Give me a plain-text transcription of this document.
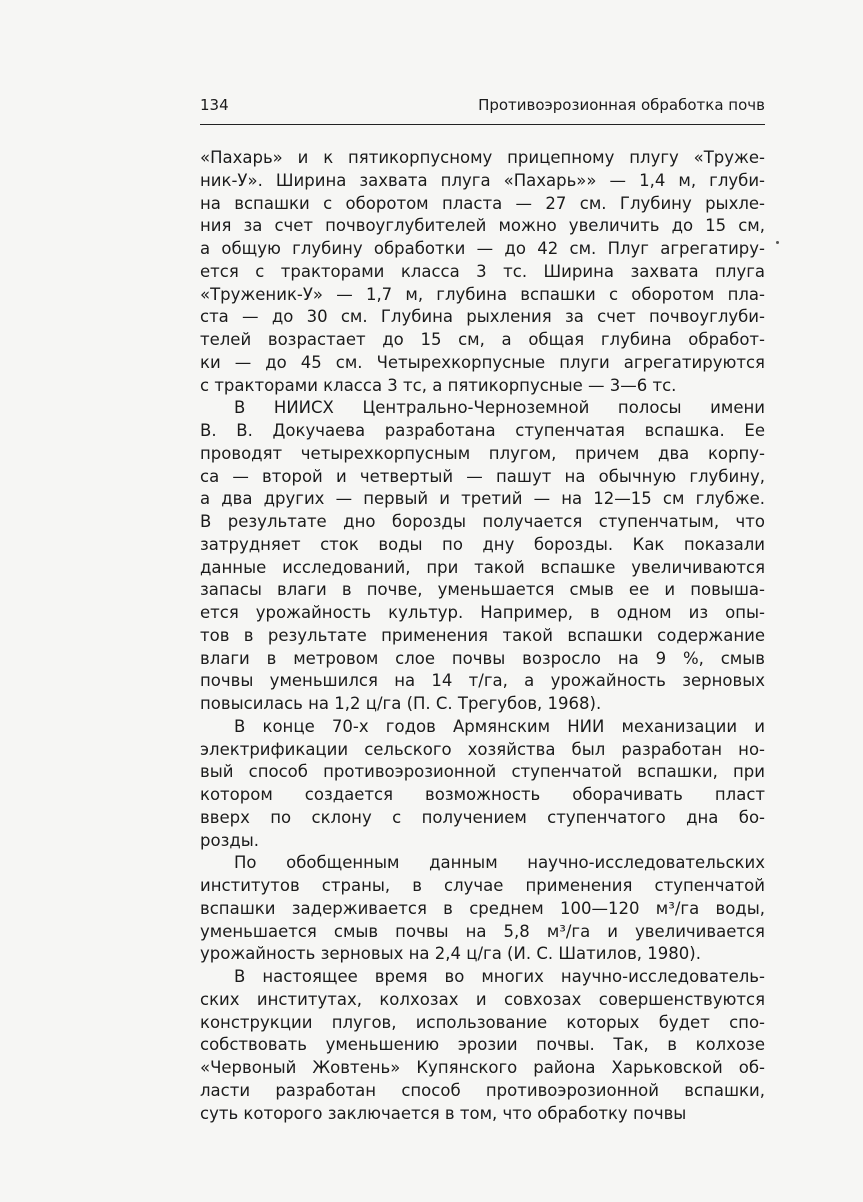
134	Противоэрозионная обработка почв
«Пахарь» и к пятикорпусному прицепному плугу «Труже-
ник-У». Ширина захвата плуга «Пахарь»» — 1,4 м, глуби-
на вспашки с оборотом пласта — 27 см. Глубину рыхле-
ния за счет почвоуглубителей можно увеличить до 15 см,
а общую глубину обработки — до 42 см. Плуг агрегатиру-
ется с тракторами класса 3 тс. Ширина захвата плуга
«Труженик-У» — 1,7 м, глубина вспашки с оборотом пла-
ста — до 30 см. Глубина рыхления за счет почвоуглуби-
телей возрастает до 15 см, а общая глубина обработ-
ки — до 45 см. Четырехкорпусные плуги агрегатируются
с тракторами класса 3 тс, а пятикорпусные — 3—6 тс.
В НИИСХ Центрально-Черноземной полосы имени
В. В. Докучаева разработана ступенчатая вспашка. Ее
проводят четырехкорпусным плугом, причем два корпу-
са — второй и четвертый — пашут на обычную глубину,
а два других — первый и третий — на 12—15 см глубже.
В результате дно борозды получается ступенчатым, что
затрудняет сток воды по дну борозды. Как показали
данные исследований, при такой вспашке увеличиваются
запасы влаги в почве, уменьшается смыв ее и повыша-
ется урожайность культур. Например, в одном из опы-
тов в результате применения такой вспашки содержание
влаги в метровом слое почвы возросло на 9 %, смыв
почвы уменьшился на 14 т/га, а урожайность зерновых
повысилась на 1,2 ц/га (П. С. Трегубов, 1968).
В конце 70-х годов Армянским НИИ механизации и
электрификации сельского хозяйства был разработан но-
вый способ противоэрозионной ступенчатой вспашки, при
котором создается возможность оборачивать пласт
вверх по склону с получением ступенчатого дна бо-
розды.
По обобщенным данным научно-исследовательских
институтов страны, в случае применения ступенчатой
вспашки задерживается в среднем 100—120 м³/га воды,
уменьшается смыв почвы на 5,8 м³/га и увеличивается
урожайность зерновых на 2,4 ц/га (И. С. Шатилов, 1980).
В настоящее время во многих научно-исследователь-
ских институтах, колхозах и совхозах совершенствуются
конструкции плугов, использование которых будет спо-
собствовать уменьшению эрозии почвы. Так, в колхозе
«Червоный Жовтень» Купянского района Харьковской об-
ласти разработан способ противоэрозионной вспашки,
суть которого заключается в том, что обработку почвы
